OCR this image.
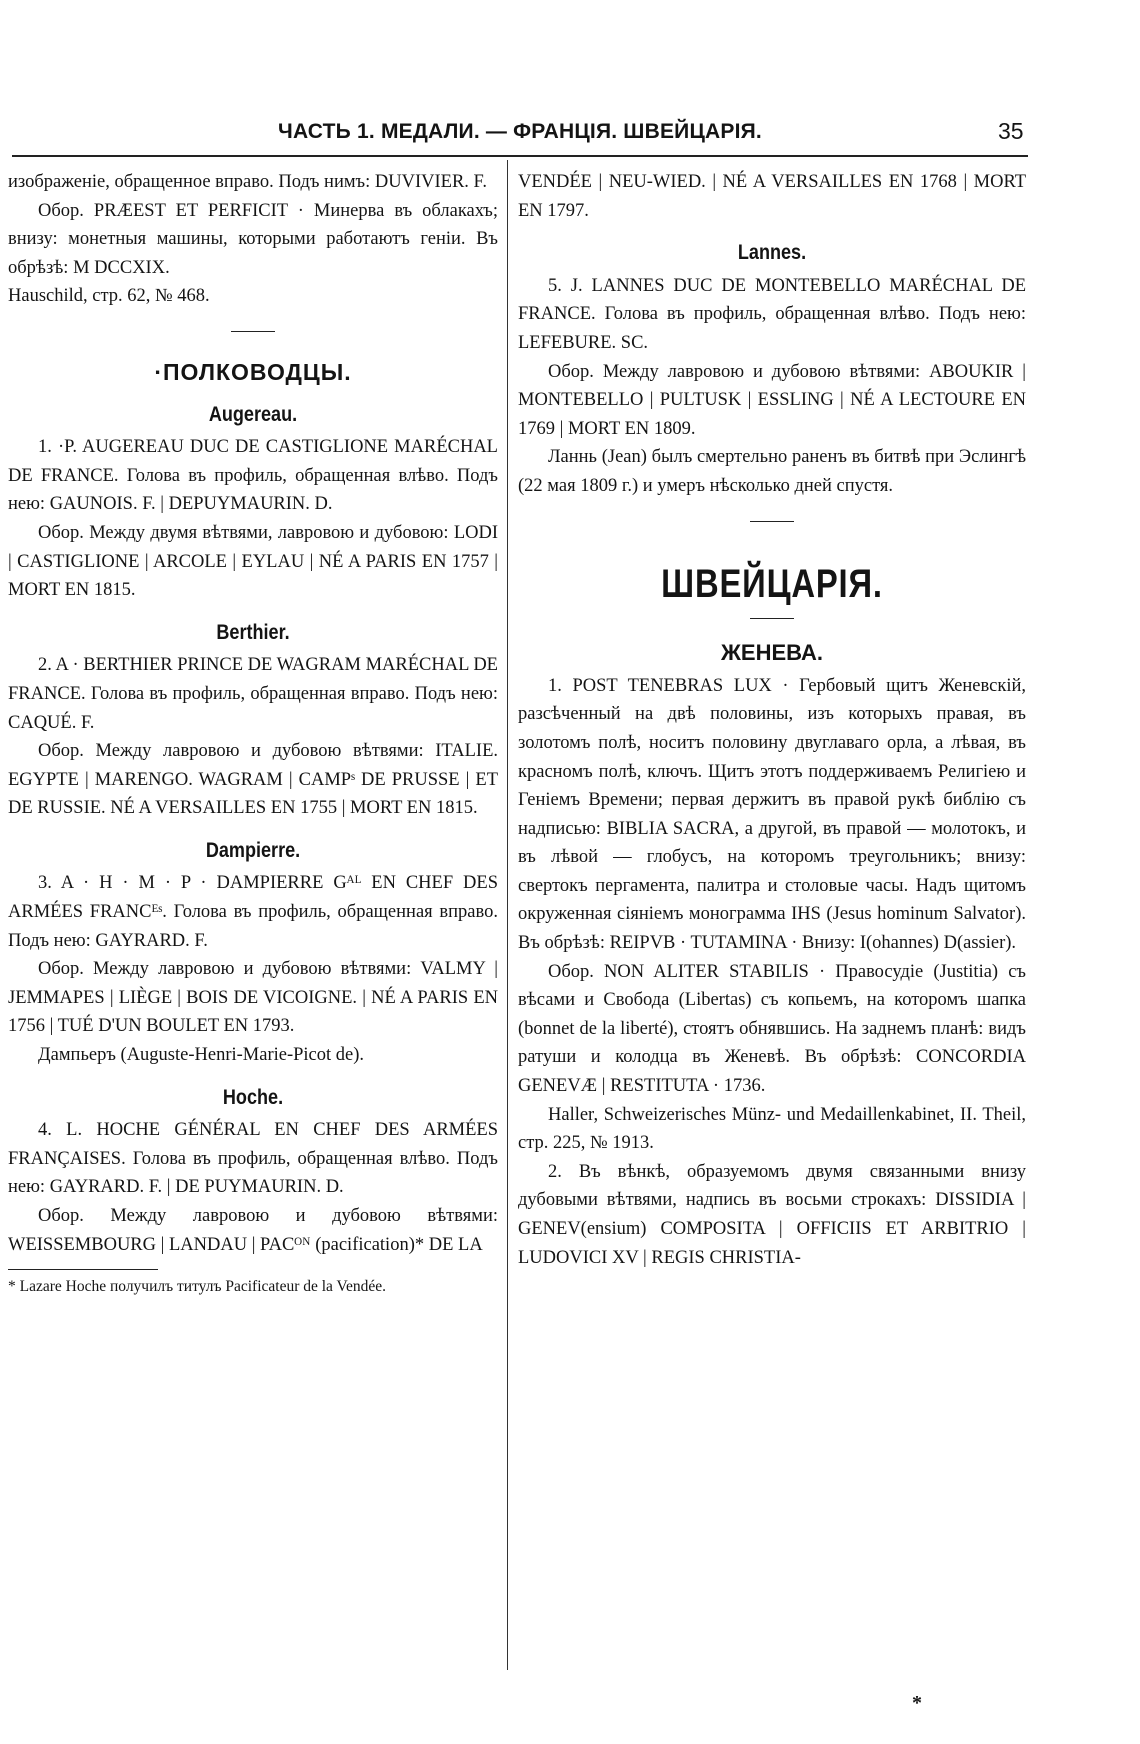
ЧАСТЬ 1. МЕДАЛИ. — ФРАНЦІЯ. ШВЕЙЦАРІЯ.	35

изображеніе, обращенное вправо. Подъ нимъ: DUVIVIER. F.

Обор. PRÆEST ET PERFICIT · Минерва въ облакахъ; внизу: монетныя машины, которыми работаютъ геніи. Въ обрѣзѣ: M DCCXIX.

Hauschild, стр. 62, № 468.

·ПОЛКОВОДЦЫ.
Augereau.

1. ·P. AUGEREAU DUC DE CASTIGLIONE MARÉCHAL DE FRANCE. Голова въ профиль, обращенная влѣво. Подъ нею: GAUNOIS. F. | DEPUYMAURIN. D.

Обор. Между двумя вѣтвями, лавровою и дубовою: LODI | CASTIGLIONE | ARCOLE | EYLAU | NÉ A PARIS EN 1757 | MORT EN 1815.

Berthier.

2. A · BERTHIER PRINCE DE WAGRAM MARÉCHAL DE FRANCE. Голова въ профиль, обращенная вправо. Подъ нею: CAQUÉ. F.

Обор. Между лавровою и дубовою вѣтвями: ITALIE. EGYPTE | MARENGO. WAGRAM | CAMPˢ DE PRUSSE | ET DE RUSSIE. NÉ A VERSAILLES EN 1755 | MORT EN 1815.

Dampierre.

3. A · H · M · P · DAMPIERRE Gᴬᴸ EN CHEF DES ARMÉES FRANCᴱˢ. Голова въ профиль, обращенная вправо. Подъ нею: GAYRARD. F.

Обор. Между лавровою и дубовою вѣтвями: VALMY | JEMMAPES | LIÈGE | BOIS DE VICOIGNE. | NÉ A PARIS EN 1756 | TUÉ D'UN BOULET EN 1793.

Дампьеръ (Auguste-Henri-Marie-Picot de).

Hoche.

4. L. HOCHE GÉNÉRAL EN CHEF DES ARMÉES FRANÇAISES. Голова въ профиль, обращенная влѣво. Подъ нею: GAYRARD. F. | DE PUYMAURIN. D.

Обор. Между лавровою и дубовою вѣтвями: WEISSEMBOURG | LANDAU | PACᴼᴺ (pacification)* DE LA

* Lazare Hoche получилъ титулъ Pacificateur de la Vendée.

VENDÉE | NEU-WIED. | NÉ A VERSAILLES EN 1768 | MORT EN 1797.

Lannes.

5. J. LANNES DUC DE MONTEBELLO MARÉCHAL DE FRANCE. Голова въ профиль, обращенная влѣво. Подъ нею: LEFEBURE. SC.

Обор. Между лавровою и дубовою вѣтвями: ABOUKIR | MONTEBELLO | PULTUSK | ESSLING | NÉ A LECTOURE EN 1769 | MORT EN 1809.

Ланнь (Jean) былъ смертельно раненъ въ битвѣ при Эслингѣ (22 мая 1809 г.) и умеръ нѣсколько дней спустя.

ШВЕЙЦАРІЯ.
ЖЕНЕВА.

1. POST TENEBRAS LUX · Гербовый щитъ Женевскій, разсѣченный на двѣ половины, изъ которыхъ правая, въ золотомъ полѣ, носитъ половину двуглаваго орла, а лѣвая, въ красномъ полѣ, ключъ. Щитъ этотъ поддерживаемъ Религіею и Геніемъ Времени; первая держитъ въ правой рукѣ библію съ надписью: BIBLIA SACRA, а другой, въ правой — молотокъ, и въ лѣвой — глобусъ, на которомъ треугольникъ; внизу: свертокъ пергамента, палитра и столовые часы. Надъ щитомъ окруженная сіяніемъ монограмма IHS (Jesus hominum Salvator). Въ обрѣзѣ: REIPVB · TUTAMINA · Внизу: I(ohannes) D(assier).

Обор. NON ALITER STABILIS · Правосудіе (Justitia) съ вѣсами и Свобода (Libertas) съ копьемъ, на которомъ шапка (bonnet de la liberté), стоятъ обнявшись. На заднемъ планѣ: видъ ратуши и колодца въ Женевѣ. Въ обрѣзѣ: CONCORDIA GENEVÆ | RESTITUTA · 1736.

Haller, Schweizerisches Münz- und Medaillenkabinet, II. Theil, стр. 225, № 1913.

2. Въ вѣнкѣ, образуемомъ двумя связанными внизу дубовыми вѣтвями, надпись въ восьми строкахъ: DISSIDIA | GENEV(ensium) COMPOSITA | OFFICIIS ET ARBITRIO | LUDOVICI XV | REGIS CHRISTIA-

*
